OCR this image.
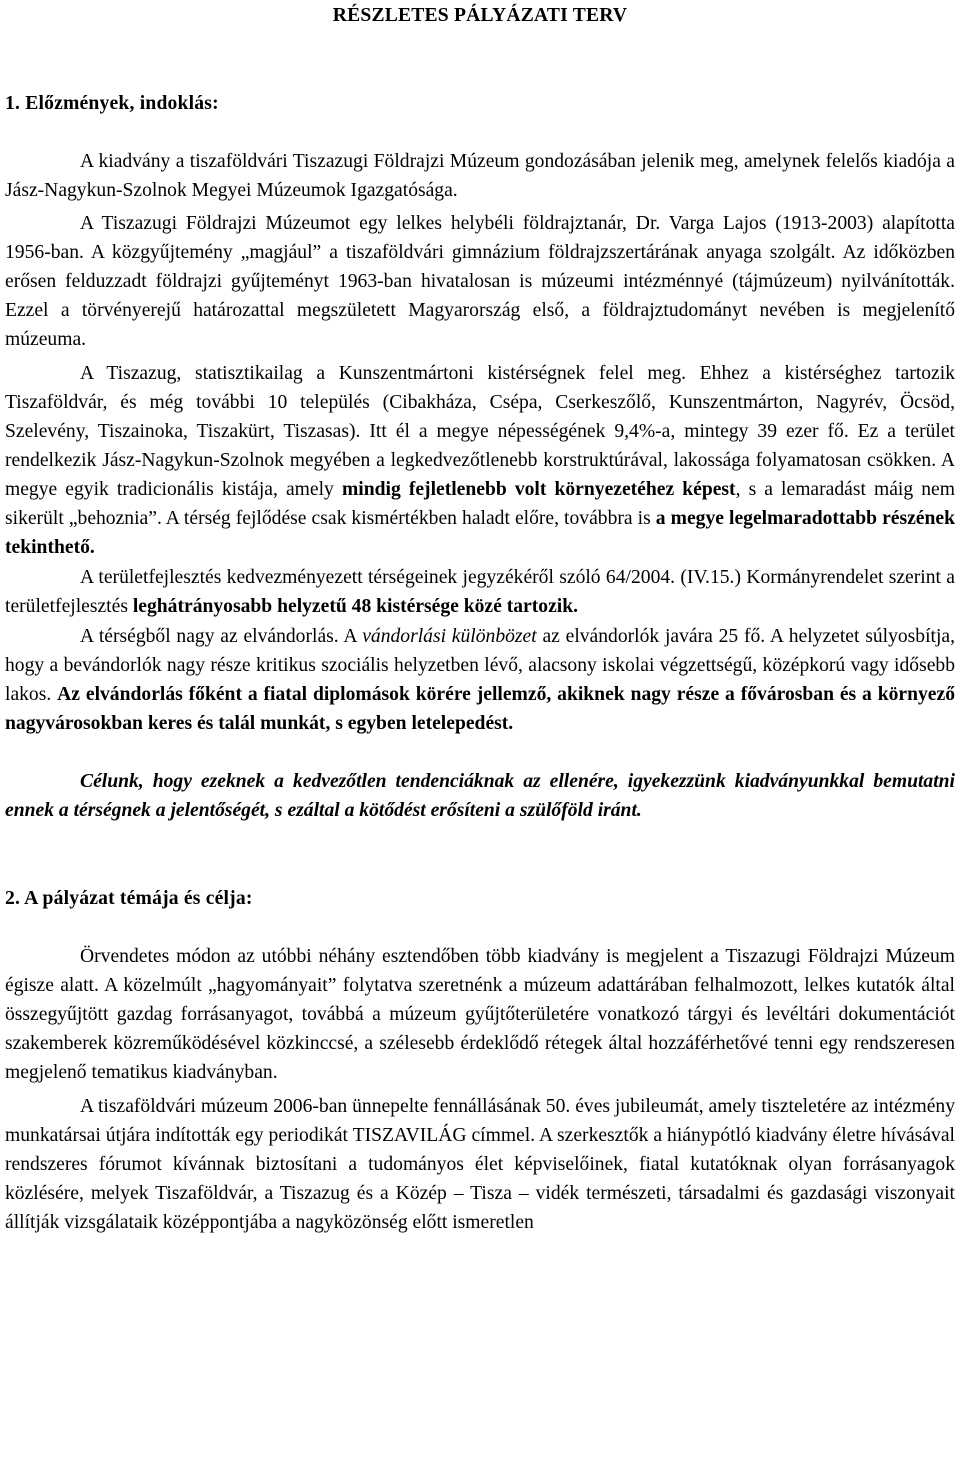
RÉSZLETES PÁLYÁZATI TERV
1. Előzmények, indoklás:

A kiadvány a tiszaföldvári Tiszazugi Földrajzi Múzeum gondozásában jelenik meg, amelynek felelős kiadója a Jász-Nagykun-Szolnok Megyei Múzeumok Igazgatósága.

A Tiszazugi Földrajzi Múzeumot egy lelkes helybéli földrajztanár, Dr. Varga Lajos (1913-2003) alapította 1956-ban. A közgyűjtemény „magjául” a tiszaföldvári gimnázium földrajzszertárának anyaga szolgált. Az időközben erősen felduzzadt földrajzi gyűjteményt 1963-ban hivatalosan is múzeumi intézménnyé (tájmúzeum) nyilvánították. Ezzel a törvényerejű határozattal megszületett Magyarország első, a földrajztudományt nevében is megjelenítő múzeuma.

A Tiszazug, statisztikailag a Kunszentmártoni kistérségnek felel meg. Ehhez a kistérséghez tartozik Tiszaföldvár, és még további 10 település (Cibakháza, Csépa, Cserkeszőlő, Kunszentmárton, Nagyrév, Öcsöd, Szelevény, Tiszainoka, Tiszakürt, Tiszasas). Itt él a megye népességének 9,4%-a, mintegy 39 ezer fő. Ez a terület rendelkezik Jász-Nagykun-Szolnok megyében a legkedvezőtlenebb korstruktúrával, lakossága folyamatosan csökken. A megye egyik tradicionális kistája, amely mindig fejletlenebb volt környezetéhez képest, s a lemaradást máig nem sikerült „behoznia”. A térség fejlődése csak kismértékben haladt előre, továbbra is a megye legelmaradottabb részének tekinthető.

A területfejlesztés kedvezményezett térségeinek jegyzékéről szóló 64/2004. (IV.15.) Kormányrendelet szerint a területfejlesztés leghátrányosabb helyzetű 48 kistérsége közé tartozik.

A térségből nagy az elvándorlás. A vándorlási különbözet az elvándorlók javára 25 fő. A helyzetet súlyosbítja, hogy a bevándorlók nagy része kritikus szociális helyzetben lévő, alacsony iskolai végzettségű, középkorú vagy idősebb lakos. Az elvándorlás főként a fiatal diplomások körére jellemző, akiknek nagy része a fővárosban és a környező nagyvárosokban keres és talál munkát, s egyben letelepedést.

Célunk, hogy ezeknek a kedvezőtlen tendenciáknak az ellenére, igyekezzünk kiadványunkkal bemutatni ennek a térségnek a jelentőségét, s ezáltal a kötődést erősíteni a szülőföld iránt.

2. A pályázat témája és célja:

Örvendetes módon az utóbbi néhány esztendőben több kiadvány is megjelent a Tiszazugi Földrajzi Múzeum égisze alatt. A közelmúlt „hagyományait” folytatva szeretnénk a múzeum adattárában felhalmozott, lelkes kutatók által összegyűjtött gazdag forrásanyagot, továbbá a múzeum gyűjtőterületére vonatkozó tárgyi és levéltári dokumentációt szakemberek közreműködésével közkinccsé, a szélesebb érdeklődő rétegek által hozzáférhetővé tenni egy rendszeresen megjelenő tematikus kiadványban.

A tiszaföldvári múzeum 2006-ban ünnepelte fennállásának 50. éves jubileumát, amely tiszteletére az intézmény munkatársai útjára indították egy periodikát TISZAVILÁG címmel. A szerkesztők a hiánypótló kiadvány életre hívásával rendszeres fórumot kívánnak biztosítani a tudományos élet képviselőinek, fiatal kutatóknak olyan forrásanyagok közlésére, melyek Tiszaföldvár, a Tiszazug és a Közép – Tisza – vidék természeti, társadalmi és gazdasági viszonyait állítják vizsgálataik középpontjába a nagyközönség előtt ismeretlen
